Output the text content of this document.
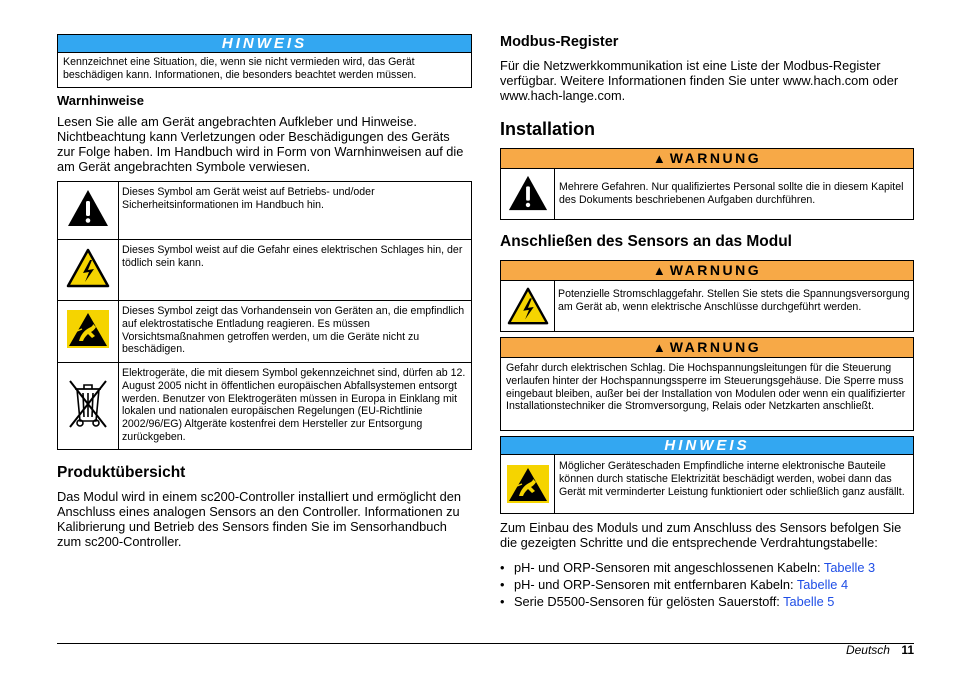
HINWEIS
Kennzeichnet eine Situation, die, wenn sie nicht vermieden wird, das Gerät beschädigen kann. Informationen, die besonders beachtet werden müssen.
Warnhinweise
Lesen Sie alle am Gerät angebrachten Aufkleber und Hinweise. Nichtbeachtung kann Verletzungen oder Beschädigungen des Geräts zur Folge haben. Im Handbuch wird in Form von Warnhinweisen auf die am Gerät angebrachten Symbole verwiesen.
	Dieses Symbol am Gerät weist auf Betriebs- und/oder Sicherheitsinformationen im Handbuch hin.
	Dieses Symbol weist auf die Gefahr eines elektrischen Schlages hin, der tödlich sein kann.
	Dieses Symbol zeigt das Vorhandensein von Geräten an, die empfindlich auf elektrostatische Entladung reagieren. Es müssen Vorsichtsmaßnahmen getroffen werden, um die Geräte nicht zu beschädigen.
	Elektrogeräte, die mit diesem Symbol gekennzeichnet sind, dürfen ab 12. August 2005 nicht in öffentlichen europäischen Abfallsystemen entsorgt werden. Benutzer von Elektrogeräten müssen in Europa in Einklang mit lokalen und nationalen europäischen Regelungen (EU-Richtlinie 2002/96/EG) Altgeräte kostenfrei dem Hersteller zur Entsorgung zurückgeben.
Produktübersicht
Das Modul wird in einem sc200-Controller installiert und ermöglicht den Anschluss eines analogen Sensors an den Controller. Informationen zu Kalibrierung und Betrieb des Sensors finden Sie im Sensorhandbuch zum sc200-Controller.
Modbus-Register
Für die Netzwerkkommunikation ist eine Liste der Modbus-Register verfügbar. Weitere Informationen finden Sie unter www.hach.com oder www.hach-lange.com.
Installation
▲ WARNUNG
Mehrere Gefahren. Nur qualifiziertes Personal sollte die in diesem Kapitel des Dokuments beschriebenen Aufgaben durchführen.
Anschließen des Sensors an das Modul
▲ WARNUNG
Potenzielle Stromschlaggefahr. Stellen Sie stets die Spannungsversorgung am Gerät ab, wenn elektrische Anschlüsse durchgeführt werden.
▲ WARNUNG
Gefahr durch elektrischen Schlag. Die Hochspannungsleitungen für die Steuerung verlaufen hinter der Hochspannungssperre im Steuerungsgehäuse. Die Sperre muss eingebaut bleiben, außer bei der Installation von Modulen oder wenn ein qualifizierter Installationstechniker die Stromversorgung, Relais oder Netzkarten anschließt.
HINWEIS
Möglicher Geräteschaden Empfindliche interne elektronische Bauteile können durch statische Elektrizität beschädigt werden, wobei dann das Gerät mit verminderter Leistung funktioniert oder schließlich ganz ausfällt.
Zum Einbau des Moduls und zum Anschluss des Sensors befolgen Sie die gezeigten Schritte und die entsprechende Verdrahtungstabelle:
• pH- und ORP-Sensoren mit angeschlossenen Kabeln: Tabelle 3
• pH- und ORP-Sensoren mit entfernbaren Kabeln: Tabelle 4
• Serie D5500-Sensoren für gelösten Sauerstoff: Tabelle 5
Deutsch 11
